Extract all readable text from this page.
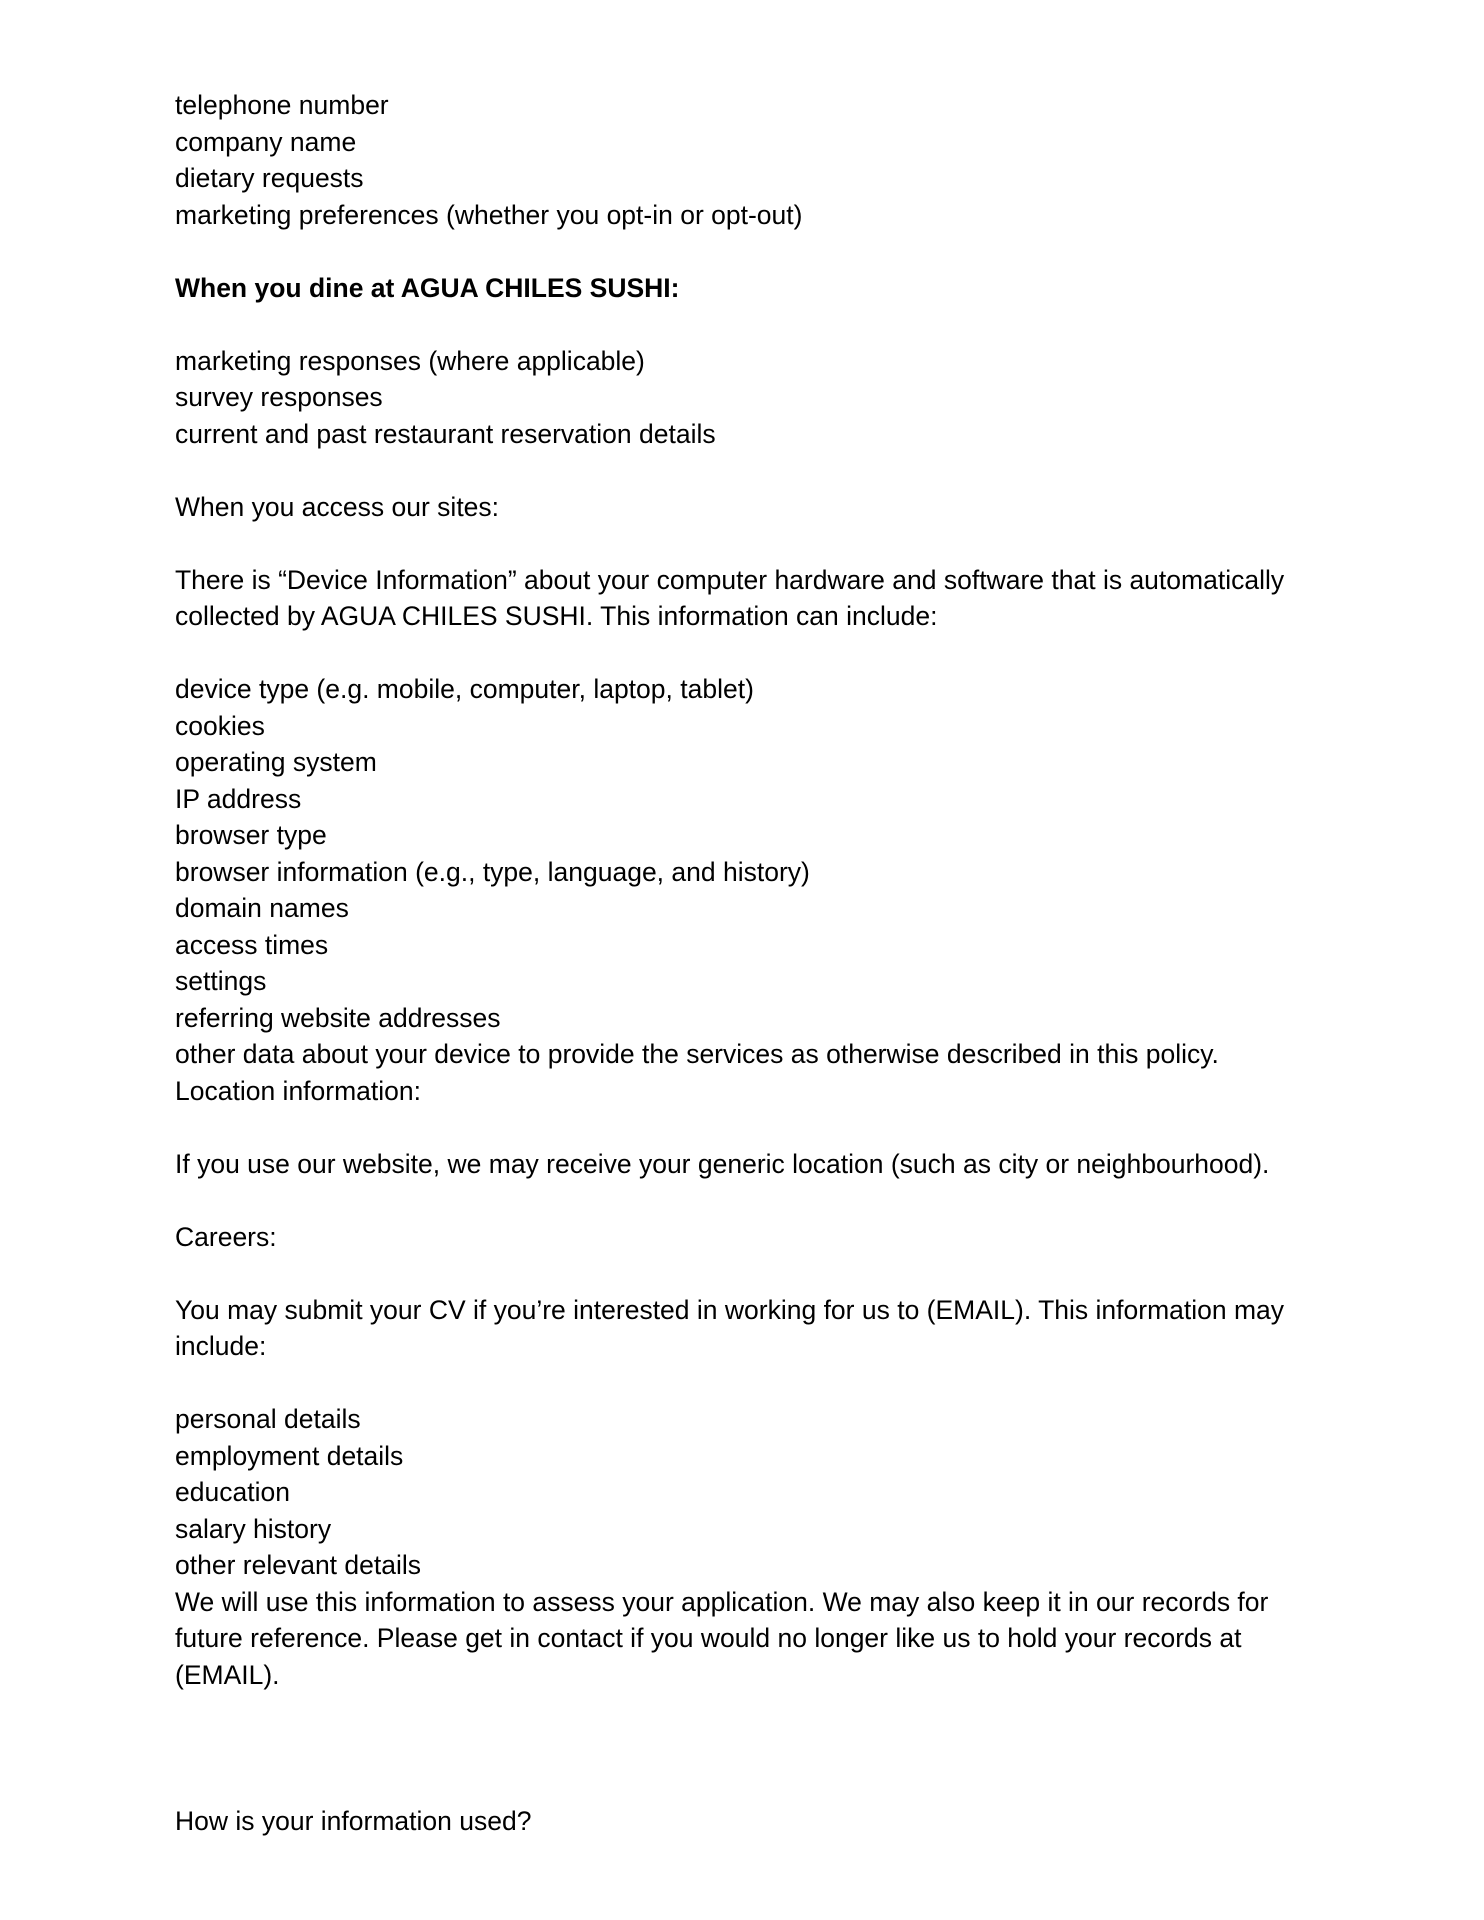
telephone number
company name
dietary requests
marketing preferences (whether you opt-in or opt-out)
When you dine at AGUA CHILES SUSHI:
marketing responses (where applicable)
survey responses
current and past restaurant reservation details
When you access our sites:
There is “Device Information” about your computer hardware and software that is automatically
collected by AGUA CHILES SUSHI. This information can include:
device type (e.g. mobile, computer, laptop, tablet)
cookies
operating system
IP address
browser type
browser information (e.g., type, language, and history)
domain names
access times
settings
referring website addresses
other data about your device to provide the services as otherwise described in this policy.
Location information:
If you use our website, we may receive your generic location (such as city or neighbourhood).
Careers:
You may submit your CV if you’re interested in working for us to (EMAIL). This information may
include:
personal details
employment details
education
salary history
other relevant details
We will use this information to assess your application. We may also keep it in our records for
future reference. Please get in contact if you would no longer like us to hold your records at
(EMAIL).
How is your information used?
